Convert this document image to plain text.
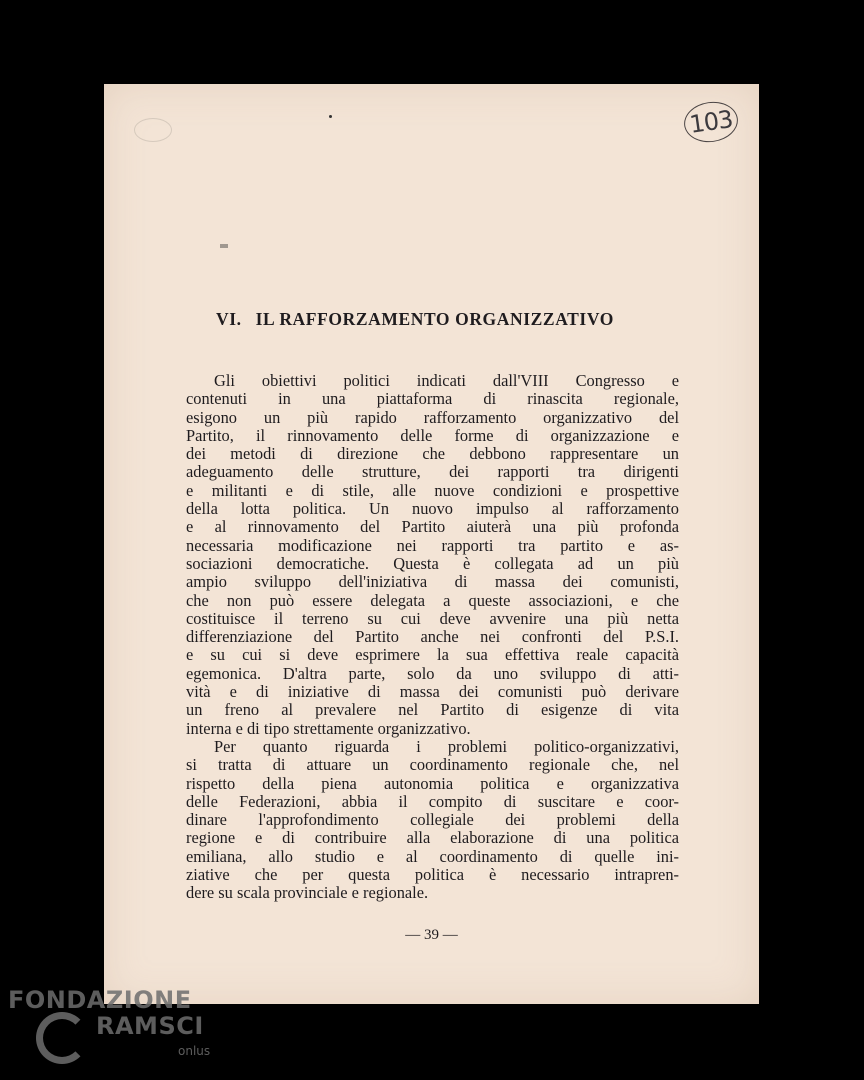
103
VI. IL RAFFORZAMENTO ORGANIZZATIVO
Gli obiettivi politici indicati dall'VIII Congresso e
contenuti in una piattaforma di rinascita regionale,
esigono un più rapido rafforzamento organizzativo del
Partito, il rinnovamento delle forme di organizzazione e
dei metodi di direzione che debbono rappresentare un
adeguamento delle strutture, dei rapporti tra dirigenti
e militanti e di stile, alle nuove condizioni e prospettive
della lotta politica. Un nuovo impulso al rafforzamento
e al rinnovamento del Partito aiuterà una più profonda
necessaria modificazione nei rapporti tra partito e as-
sociazioni democratiche. Questa è collegata ad un più
ampio sviluppo dell'iniziativa di massa dei comunisti,
che non può essere delegata a queste associazioni, e che
costituisce il terreno su cui deve avvenire una più netta
differenziazione del Partito anche nei confronti del P.S.I.
e su cui si deve esprimere la sua effettiva reale capacità
egemonica. D'altra parte, solo da uno sviluppo di atti-
vità e di iniziative di massa dei comunisti può derivare
un freno al prevalere nel Partito di esigenze di vita
interna e di tipo strettamente organizzativo.
Per quanto riguarda i problemi politico-organizzativi,
si tratta di attuare un coordinamento regionale che, nel
rispetto della piena autonomia politica e organizzativa
delle Federazioni, abbia il compito di suscitare e coor-
dinare l'approfondimento collegiale dei problemi della
regione e di contribuire alla elaborazione di una politica
emiliana, allo studio e al coordinamento di quelle ini-
ziative che per questa politica è necessario intrapren-
dere su scala provinciale e regionale.
— 39 —
FONDAZIONE
RAMSCI
onlus
